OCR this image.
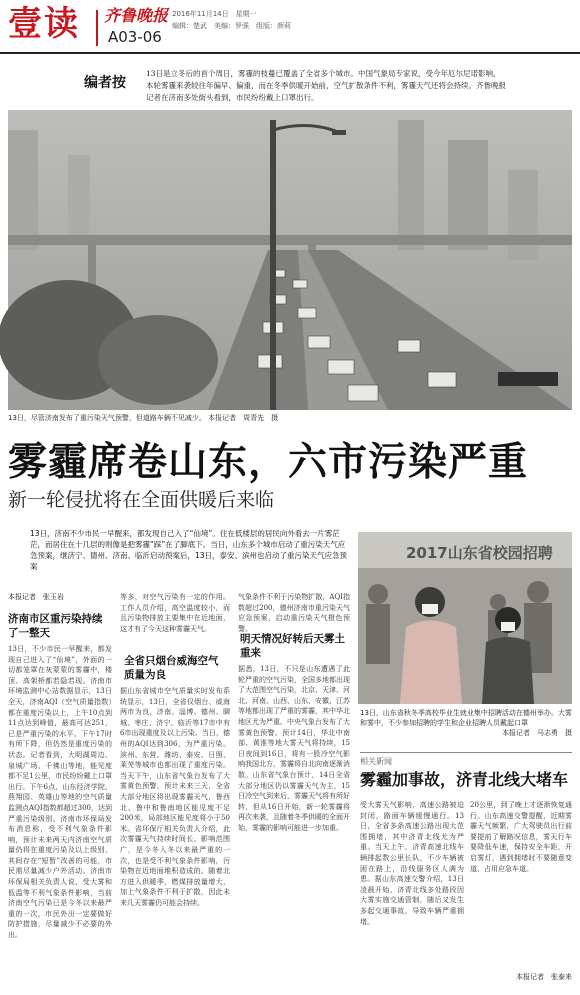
壹读 齐鲁晚报
A03-06
2016年11月14日　星期一
编辑：楚武　美编：罗强　组版：颜莉
编者按
13日是立冬后的首个周日，雾霾的枝蔓已覆盖了全省多个城市。中国气象局专家说，受今年厄尔尼诺影响，本轮雾霾来袭较往年偏早、偏重，而在冬季供暖开始前，空气扩散条件不利，雾霾天气还将会持续。齐鲁晚报记者在济南多处街头看到，市民纷纷戴上口罩出行。
13日，尽管济南发布了重污染天气预警，但道路车辆不见减少。 本报记者　周青先　摄
雾霾席卷山东，六市污染严重
新一轮侵扰将在全面供暖后来临
13日，济南不少市民一早醒来，都发现自己入了“仙境”。住在低楼层的居民向外看去一片雾茫茫，而居住在十几层的则像是把雾霾“踩”在了脚底下。当日，山东多个城市启动了重污染天气应急预案，继济宁、德州、济南、临沂启动预案后，13日，泰安、滨州也启动了重污染天气应急预案
本报记者　张玉岩
济南市区重污染持续了一整天
13日，不少市民一早醒来，都发现自己进入了“仙境”，外面的一切都笼罩在灰蒙蒙的雾霾中，楼顶、高架桥都若隐若现。济南市环境监测中心站数据显示，13日全天，济南AQI（空气质量指数）都在重度污染以上，上午10点到11点达到峰值，最高可达251，已是严重污染的水平。下午17时有所下降，但仍然是重度污染的状态。记者看到，大明湖周边、泉城广场、千佛山等地，能见度都不足1公里，市民纷纷戴上口罩出行。下午6点，山东经济学院、燕翔园、英雄山等地的空气质量监测点AQI指数都超过300，达到严重污染级别。济南市环保局发布消息称，受不利气象条件影响，预计未来两天内济南空气质量仍将在重度污染及以上级别，其间存在“短暂”改善的可能，市民需尽量减少户外活动。济南市环保局相关负责人说，受大雾和低温等不利气象条件影响，当前济南空气污染已是今冬以来最严重的一次，市民外出一定要做好防护措施，尽量减少不必要的外出。
等多，对空气污染有一定的作用。工作人员介绍，高空温度较小，而且污染物排放主要集中在近地面，这才有了今天这种雾霾天气。
全省只烟台威海空气质量为良
据山东省城市空气质量实时发布系统显示，13日，全省仅烟台、威海两市为良，济南、淄博、德州、聊城、枣庄、济宁、临沂等17市中有6市出现重度及以上污染。当日，德州的AQI达到306，为严重污染。滨州、东营、潍坊、泰安、日照、莱芜等城市也都出现了重度污染。当天下午，山东省气象台发布了大雾黄色预警，预计未来三天，全省大部分地区将出现雾霾天气，鲁西北、鲁中和鲁南地区能见度不足200米，局部地区能见度将小于50米。省环保厅相关负责人介绍，此次雾霾天气持续时间长、影响范围广，是今冬入冬以来最严重的一次，也是受不利气象条件影响，污染物在近地面堆积造成的。随着北方进入供暖季，燃煤排放量增大，加上气象条件不利于扩散，因此未来几天雾霾仍可能会持续。
气象条件不利于污染物扩散，AQI指数超过200，德州济南市重污染天气应急预案，启动重污染天气橙色预警。
明天情况好转后天雾土重来
据悉，13日，不只是山东遭遇了此轮严重的空气污染，全国多地都出现了大范围空气污染，北京、天津、河北、河南、山西、山东、安徽、江苏等地都出现了严重的雾霾，其中华北地区尤为严重。中央气象台发布了大雾黄色预警。预计14日，华北中南部、黄淮等地大雾天气将持续，15日夜间到16日，将有一股冷空气影响我国北方，雾霾将自北向南逐渐消散。山东省气象台预计，14日全省大部分地区仍以雾霾天气为主，15日冷空气到来后，雾霾天气将有所好转，但从16日开始，新一轮雾霾将再次来袭，且随着冬季供暖的全面开始，雾霾的影响可能进一步加重。
2017山东省校园招聘
13日，山东省秋冬季高校毕业生就业集中招聘活动在德州举办。大雾和雾中，不少参加招聘的学生和企业招聘人员戴起口罩
本报记者　马志勇　摄
相关新闻
雾霾加事故，济青北线大堵车
受大雾天气影响，高速公路被迫封闭，路面车辆缓慢通行。13日，全省多条高速公路出现大范围拥堵，其中济青北线尤为严重。当天上午，济青高速北线车辆排起数公里长队，不少车辆被困在路上，沿线服务区人满为患。据山东高速交警介绍，13日凌晨开始，济青北线多处路段因大雾实施交通管制，随后又发生多起交通事故，导致车辆严重拥堵。
20公里，到了晚上才逐渐恢复通行。山东高速交警提醒，近期雾霾天气频繁，广大驾驶员出行前要提前了解路况信息，雾天行车要降低车速，保持安全车距，开启雾灯，遇到拥堵时不要随意变道、占用应急车道。
本报记者　张泰来
